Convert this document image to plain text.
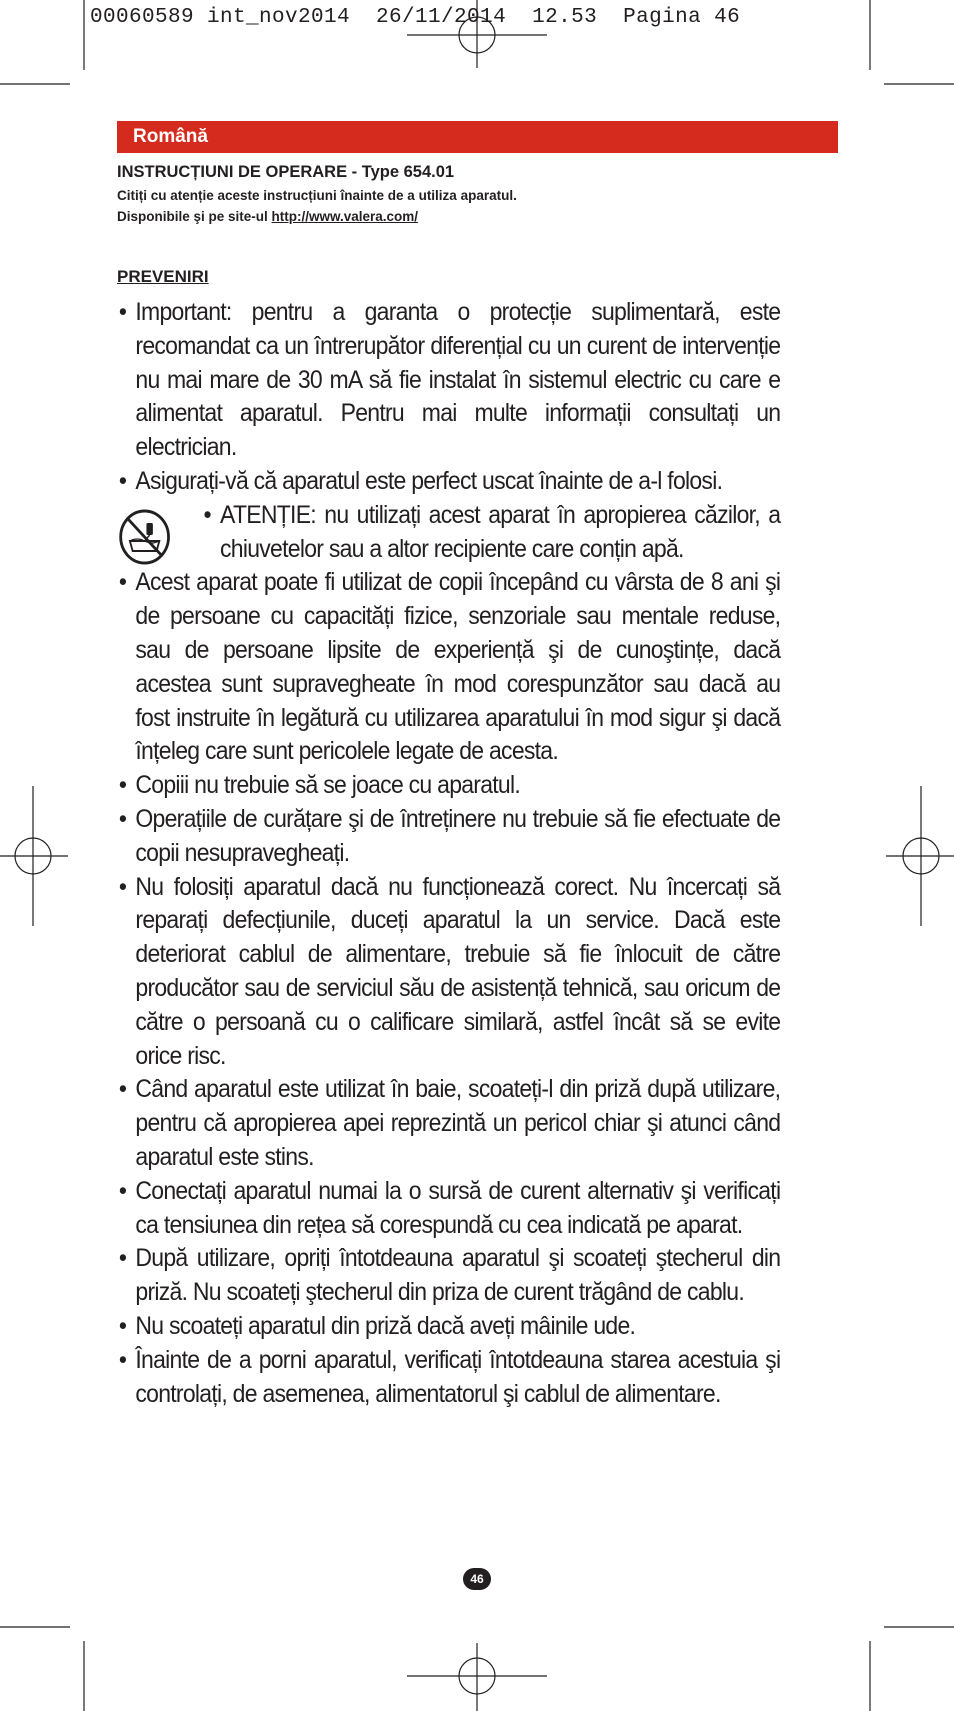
00060589 int_nov2014  26/11/2014  12.53  Pagina 46
Română

INSTRUCȚIUNI DE OPERARE - Type 654.01

Citiți cu atenție aceste instrucțiuni înainte de a utiliza aparatul.

Disponibile şi pe site-ul http://www.valera.com/

PREVENIRI
• Important: pentru a garanta o protecție suplimentară, este recomandat ca un întrerupător diferențial cu un curent de intervenție nu mai mare de 30 mA să fie instalat în sistemul electric cu care e alimentat aparatul. Pentru mai multe informații consultați un electrician.
• Asigurați-vă că aparatul este perfect uscat înainte de a-l folosi.
• ATENȚIE: nu utilizați acest aparat în apropierea căzilor, a chiuvetelor sau a altor recipiente care conțin apă.
• Acest aparat poate fi utilizat de copii începând cu vârsta de 8 ani şi de persoane cu capacități fizice, senzoriale sau mentale reduse, sau de persoane lipsite de experiență şi de cunoştințe, dacă acestea sunt supravegheate în mod corespunzător sau dacă au fost instruite în legătură cu utilizarea aparatului în mod sigur şi dacă înțeleg care sunt pericolele legate de acesta.
• Copiii nu trebuie să se joace cu aparatul.
• Operațiile de curățare şi de întreținere nu trebuie să fie efectuate de copii nesupravegheați.
• Nu folosiți aparatul dacă nu funcționează corect. Nu încercați să reparați defecțiunile, duceți aparatul la un service. Dacă este deteriorat cablul de alimentare, trebuie să fie înlocuit de către producător sau de serviciul său de asistență tehnică, sau oricum de către o persoană cu o calificare similară, astfel încât să se evite orice risc.
• Când aparatul este utilizat în baie, scoateți-l din priză după utilizare, pentru că apropierea apei reprezintă un pericol chiar şi atunci când aparatul este stins.
• Conectați aparatul numai la o sursă de curent alternativ şi verificați ca tensiunea din rețea să corespundă cu cea indicată pe aparat.
• După utilizare, opriți întotdeauna aparatul şi scoateți ştecherul din priză. Nu scoateți ştecherul din priza de curent trăgând de cablu.
• Nu scoateți aparatul din priză dacă aveți mâinile ude.
• Înainte de a porni aparatul, verificați întotdeauna starea acestuia şi controlați, de asemenea, alimentatorul şi cablul de alimentare.
46
